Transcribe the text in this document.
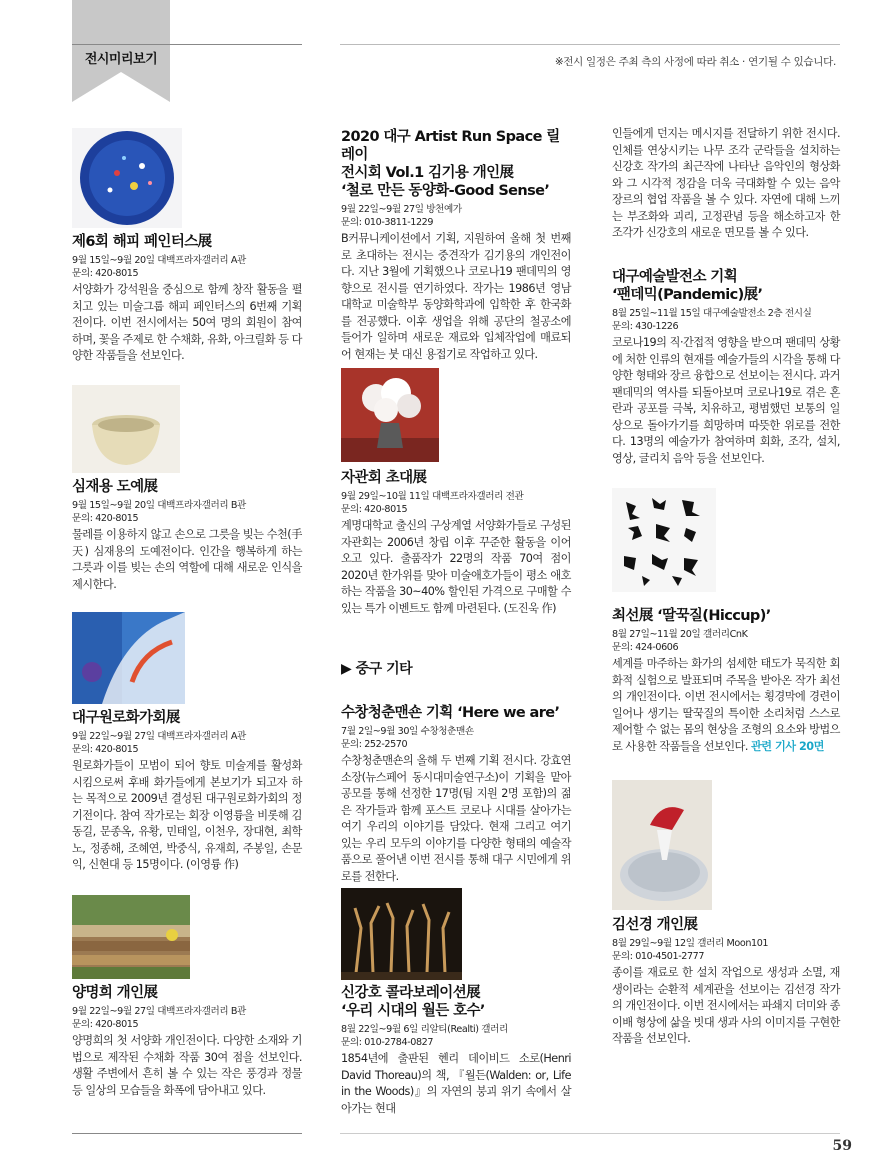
전시미리보기	※전시 일정은 주최 측의 사정에 따라 취소 · 연기될 수 있습니다.
제6회 해피 페인터스展
9월 15일~9월 20일 대백프라자갤러리 A관
문의: 420-8015
서양화가 강석원을 중심으로 함께 창작 활동을 펼치고 있는 미술그룹 해피 페인터스의 6번째 기획전이다. 이번 전시에서는 50여 명의 회원이 참여하며, 꽃을 주제로 한 수채화, 유화, 아크릴화 등 다양한 작품들을 선보인다.
심재용 도예展
9월 15일~9월 20일 대백프라자갤러리 B관
문의: 420-8015
물레를 이용하지 않고 손으로 그릇을 빚는 수천(手天) 심재용의 도예전이다. 인간을 행복하게 하는 그릇과 이를 빚는 손의 역할에 대해 새로운 인식을 제시한다.
대구원로화가회展
9월 22일~9월 27일 대백프라자갤러리 A관
문의: 420-8015
원로화가들이 모범이 되어 향토 미술계를 활성화시킴으로써 후배 화가들에게 본보기가 되고자 하는 목적으로 2009년 결성된 대구원로화가회의 정기전이다. 참여 작가로는 회장 이영륭을 비롯해 김동길, 문종옥, 유황, 민태일, 이천우, 장대현, 최학노, 정종해, 조혜연, 박중식, 유재희, 주봉일, 손문익, 신현대 등 15명이다. (이영륭 作)
양명희 개인展
9월 22일~9월 27일 대백프라자갤러리 B관
문의: 420-8015
양명희의 첫 서양화 개인전이다. 다양한 소재와 기법으로 제작된 수채화 작품 30여 점을 선보인다. 생활 주변에서 흔히 볼 수 있는 작은 풍경과 정물 등 일상의 모습들을 화폭에 담아내고 있다.
2020 대구 Artist Run Space 릴레이
전시회 Vol.1 김기용 개인展
‘철로 만든 동양화-Good Sense’
9월 22일~9월 27일 방천예가
문의: 010-3811-1229
B커뮤니케이션에서 기획, 지원하여 올해 첫 번째로 초대하는 전시는 중견작가 김기용의 개인전이다. 지난 3월에 기획했으나 코로나19 팬데믹의 영향으로 전시를 연기하였다. 작가는 1986년 영남대학교 미술학부 동양화학과에 입학한 후 한국화를 전공했다. 이후 생업을 위해 공단의 철공소에 들어가 일하며 새로운 재료와 입체작업에 매료되어 현재는 붓 대신 용접기로 작업하고 있다.
자관회 초대展
9월 29일~10월 11일 대백프라자갤러리 전관
문의: 420-8015
계명대학교 출신의 구상계열 서양화가들로 구성된 자관회는 2006년 창립 이후 꾸준한 활동을 이어오고 있다. 출품작가 22명의 작품 70여 점이 2020년 한가위를 맞아 미술애호가들이 평소 애호하는 작품을 30~40% 할인된 가격으로 구매할 수 있는 특가 이벤트도 함께 마련된다. (도진욱 作)
▶ 중구 기타
수창청춘맨숀 기획 ‘Here we are’
7월 2일~9월 30일 수창청춘맨숀
문의: 252-2570
수창청춘맨숀의 올해 두 번째 기획 전시다. 강효연 소장(뉴스페어 동시대미술연구소)이 기획을 맡아 공모를 통해 선정한 17명(팀 지원 2명 포함)의 젊은 작가들과 함께 포스트 코로나 시대를 살아가는 여기 우리의 이야기를 담았다. 현재 그리고 여기 있는 우리 모두의 이야기를 다양한 형태의 예술작품으로 풀어낸 이번 전시를 통해 대구 시민에게 위로를 전한다.
신강호 콜라보레이션展
‘우리 시대의 월든 호수’
8월 22일~9월 6일 리알티(Realti) 갤러리
문의: 010-2784-0827
1854년에 출판된 헨리 데이비드 소로(Henri David Thoreau)의 책, 『월든(Walden: or, Life in the Woods)』의 자연의 붕괴 위기 속에서 살아가는 현대
인들에게 던지는 메시지를 전달하기 위한 전시다. 인체를 연상시키는 나무 조각 군락들을 설치하는 신강호 작가의 최근작에 나타난 음악인의 형상화와 그 시각적 정감을 더욱 극대화할 수 있는 음악 장르의 협업 작품을 볼 수 있다. 자연에 대해 느끼는 부조화와 괴리, 고정관념 등을 해소하고자 한 조각가 신강호의 새로운 면모를 볼 수 있다.
대구예술발전소 기획
‘팬데믹(Pandemic)展’
8월 25일~11월 15일 대구예술발전소 2층 전시실
문의: 430-1226
코로나19의 직·간접적 영향을 받으며 팬데믹 상황에 처한 인류의 현재를 예술가들의 시각을 통해 다양한 형태와 장르 융합으로 선보이는 전시다. 과거 팬데믹의 역사를 되돌아보며 코로나19로 겪은 혼란과 공포를 극복, 치유하고, 평범했던 보통의 일상으로 돌아가기를 희망하며 따뜻한 위로를 전한다. 13명의 예술가가 참여하며 회화, 조각, 설치, 영상, 글리치 음악 등을 선보인다.
최선展 ‘딸꾹질(Hiccup)’
8월 27일~11월 20일 갤러리CnK
문의: 424-0606
세계를 마주하는 화가의 섬세한 태도가 묵직한 회화적 실험으로 발표되며 주목을 받아온 작가 최선의 개인전이다. 이번 전시에서는 횡경막에 경련이 일어나 생기는 딸꾹질의 특이한 소리처럼 스스로 제어할 수 없는 몸의 현상을 조형의 요소와 방법으로 사용한 작품들을 선보인다. 관련 기사 20면
김선경 개인展
8월 29일~9월 12일 갤러리 Moon101
문의: 010-4501-2777
종이를 재료로 한 설치 작업으로 생성과 소멸, 재생이라는 순환적 세계관을 선보이는 김선경 작가의 개인전이다. 이번 전시에서는 파쇄지 더미와 종이배 형상에 삶을 빗대 생과 사의 이미지를 구현한 작품을 선보인다.
59
